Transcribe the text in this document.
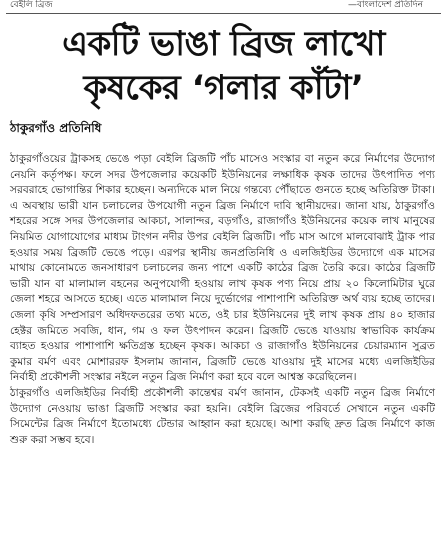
বেইলি ব্রিজ	—বাংলাদেশ প্রতিদিন
একটি ভাঙা ব্রিজ লাখো
কৃষকের ‘গলার কাঁটা’
ঠাকুরগাঁও প্রতিনিধি

ঠাকুরগাঁওয়ের ট্রাকসহ ভেঙে পড়া বেইলি ব্রিজটি পাঁচ মাসেও সংস্কার বা নতুন করে নির্মাণের উদ্যোগ নেয়নি কর্তৃপক্ষ। ফলে সদর উপজেলার কয়েকটি ইউনিয়নের লক্ষাধিক কৃষক তাদের উৎপাদিত পণ্য সরবরাহে ভোগান্তির শিকার হচ্ছেন। অন্যদিকে মাল নিয়ে গন্তব্যে পৌঁছাতে গুনতে হচ্ছে অতিরিক্ত টাকা। এ অবস্থায় ভারী যান চলাচলের উপযোগী নতুন ব্রিজ নির্মাণে দাবি স্থানীয়দের। জানা যায়, ঠাকুরগাঁও শহরের সঙ্গে সদর উপজেলার আকচা, সালান্দর, বড়গাঁও, রাজাগাঁও ইউনিয়নের কয়েক লাখ মানুষের নিয়মিত যোগাযোগের মাধ্যম টাংগন নদীর উপর বেইলি ব্রিজটি। পাঁচ মাস আগে মালবোঝাই ট্রাক পার হওয়ার সময় ব্রিজটি ভেঙে পড়ে। এরপর স্থানীয় জনপ্রতিনিধি ও এলজিইডির উদ্যোগে এক মাসের মাথায় কোনোমতে জনসাধারণ চলাচলের জন্য পাশে একটি কাঠের ব্রিজ তৈরি করে। কাঠের ব্রিজটি ভারী যান বা মালামাল বহনের অনুপযোগী হওয়ায় লাখ কৃষক পণ্য নিয়ে প্রায় ২০ কিলোমিটার ঘুরে জেলা শহরে আসতে হচ্ছে। এতে মালামাল নিয়ে দুর্ভোগের পাশাপাশি অতিরিক্ত অর্থ ব্যয় হচ্ছে তাদের। জেলা কৃষি সম্প্রসারণ অধিদফতরের তথ্য মতে, ওই চার ইউনিয়নের দুই লাখ কৃষক প্রায় ৪০ হাজার হেক্টর জমিতে সবজি, ধান, গম ও ফল উৎপাদন করেন। ব্রিজটি ভেঙে যাওয়ায় স্বাভাবিক কার্যক্রম ব্যাহত হওয়ার পাশাপাশি ক্ষতিগ্রস্ত হচ্ছেন কৃষক। আকচা ও রাজাগাঁও ইউনিয়নের চেয়ারম্যান সুব্রত কুমার বর্মণ এবং মোশাররফ ইসলাম জানান, ব্রিজটি ভেঙে যাওয়ায় দুই মাসের মধ্যে এলজিইডির নির্বাহী প্রকৌশলী সংস্কার নইলে নতুন ব্রিজ নির্মাণ করা হবে বলে আশ্বস্ত করেছিলেন।

ঠাকুরগাঁও এলজিইডির নির্বাহী প্রকৌশলী কান্তেশ্বর বর্মণ জানান, টেকসই একটি নতুন ব্রিজ নির্মাণে উদ্যোগ নেওয়ায় ভাঙা ব্রিজটি সংস্কার করা হয়নি। বেইলি ব্রিজের পরিবর্তে সেখানে নতুন একটি সিমেন্টের ব্রিজ নির্মাণে ইতোমধ্যে টেন্ডার আহ্বান করা হয়েছে। আশা করছি দ্রুত ব্রিজ নির্মাণে কাজ শুরু করা সম্ভব হবে।
